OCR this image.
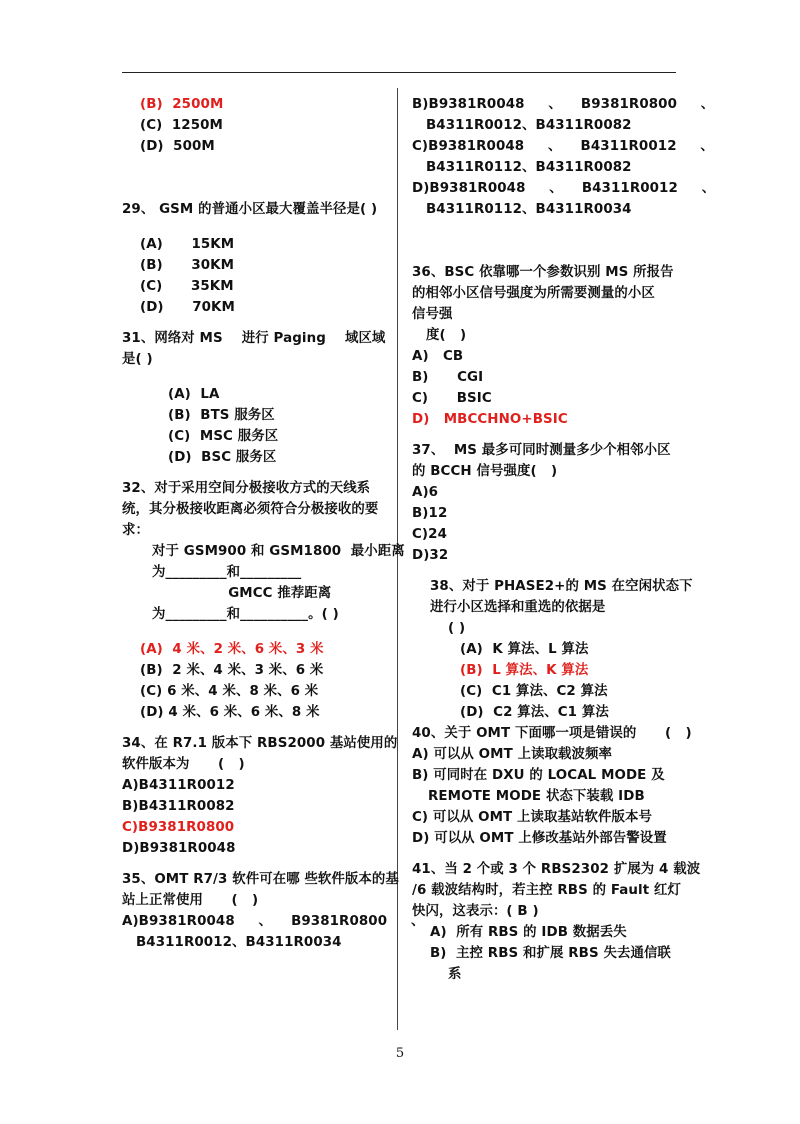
(B)  2500M
(C)  1250M
(D)  500M
29、 GSM 的普通小区最大覆盖半径是( )
(A)      15KM
(B)      30KM
(C)      35KM
(D)      70KM
31、网络对 MS    进行 Paging    域区域
是( )
(A)  LA
(B)  BTS 服务区
(C)  MSC 服务区
(D)  BSC 服务区
32、对于采用空间分极接收方式的天线系
统，其分极接收距离必须符合分极接收的要
求：
对于 GSM900 和 GSM1800  最小距离
为_________和_________
GMCC 推荐距离
为_________和__________。( )
(A)  4 米、2 米、6 米、3 米
(B)  2 米、4 米、3 米、6 米
(C) 6 米、4 米、8 米、6 米
(D) 4 米、6 米、6 米、8 米
34、在 R7.1 版本下 RBS2000 基站使用的
软件版本为      (   )
A)B4311R0012
B)B4311R0082
C)B9381R0800
D)B9381R0048
35、OMT R7/3 软件可在哪 些软件版本的基
站上正常使用      (   )
A)B9381R0048     、    B9381R0800     、
B4311R0012、B4311R0034
B)B9381R0048     、    B9381R0800     、
B4311R0012、B4311R0082
C)B9381R0048     、    B4311R0012     、
B4311R0112、B4311R0082
D)B9381R0048     、    B4311R0012     、
B4311R0112、B4311R0034
36、BSC 依靠哪一个参数识别 MS 所报告
的相邻小区信号强度为所需要测量的小区
信号强
度(   )
A)   CB
B)      CGI
C)      BSIC
D)   MBCCHNO+BSIC
37、  MS 最多可同时测量多少个相邻小区
的 BCCH 信号强度(   )
A)6
B)12
C)24
D)32
38、对于 PHASE2+的 MS 在空闲状态下
进行小区选择和重选的依据是
( )
(A)  K 算法、L 算法
(B)  L 算法、K 算法
(C)  C1 算法、C2 算法
(D)  C2 算法、C1 算法
40、关于 OMT 下面哪一项是错误的      (   )
A) 可以从 OMT 上读取载波频率
B) 可同时在 DXU 的 LOCAL MODE 及
REMOTE MODE 状态下装载 IDB
C) 可以从 OMT 上读取基站软件版本号
D) 可以从 OMT 上修改基站外部告警设置
41、当 2 个或 3 个 RBS2302 扩展为 4 载波
/6 载波结构时，若主控 RBS 的 Fault 红灯
快闪，这表示：( B )
A)  所有 RBS 的 IDB 数据丢失
B)  主控 RBS 和扩展 RBS 失去通信联
系
5
